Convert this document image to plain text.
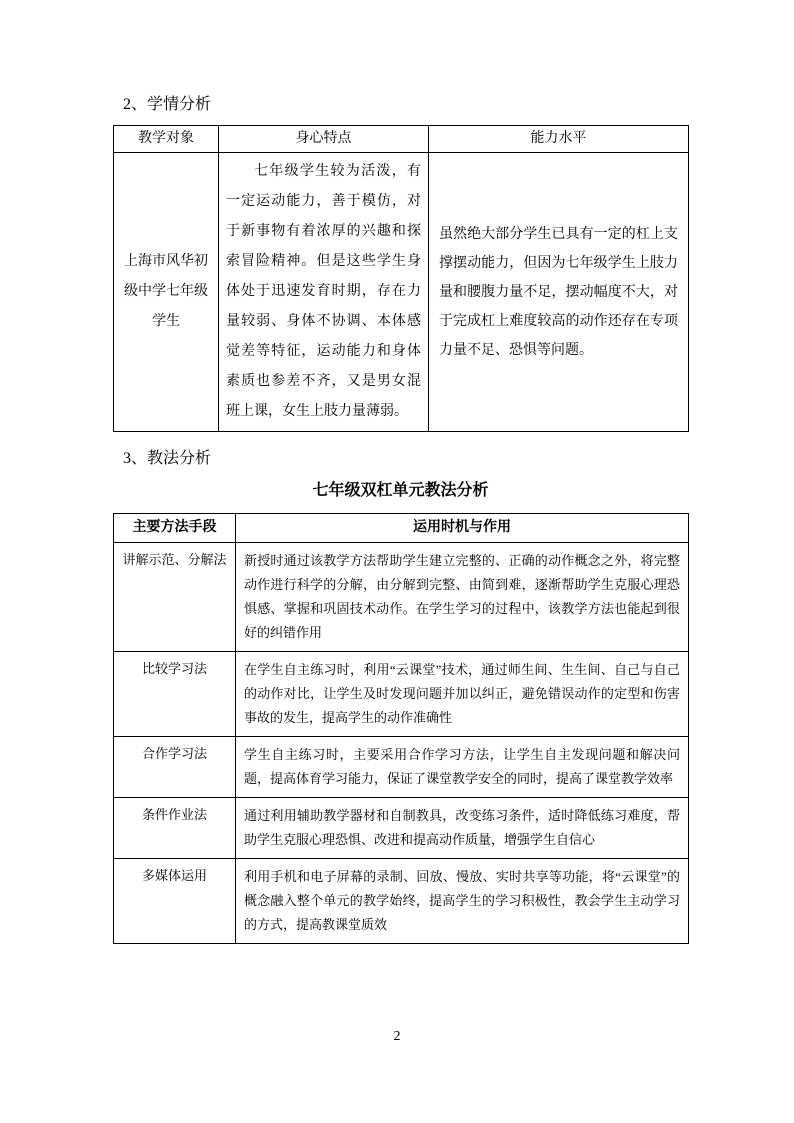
2、学情分析
教学对象	身心特点	能力水平
上海市风华初级中学七年级学生	七年级学生较为活泼，有一定运动能力，善于模仿，对于新事物有着浓厚的兴趣和探索冒险精神。但是这些学生身体处于迅速发育时期，存在力量较弱、身体不协调、本体感觉差等特征，运动能力和身体素质也参差不齐，又是男女混班上课，女生上肢力量薄弱。	虽然绝大部分学生已具有一定的杠上支撑摆动能力，但因为七年级学生上肢力量和腰腹力量不足，摆动幅度不大，对于完成杠上难度较高的动作还存在专项力量不足、恐惧等问题。
3、教法分析
七年级双杠单元教法分析
主要方法手段	运用时机与作用
讲解示范、分解法	新授时通过该教学方法帮助学生建立完整的、正确的动作概念之外，将完整动作进行科学的分解，由分解到完整、由简到难，逐渐帮助学生克服心理恐惧感、掌握和巩固技术动作。在学生学习的过程中，该教学方法也能起到很好的纠错作用
比较学习法	在学生自主练习时，利用“云课堂”技术，通过师生间、生生间、自己与自己的动作对比，让学生及时发现问题并加以纠正，避免错误动作的定型和伤害事故的发生，提高学生的动作准确性
合作学习法	学生自主练习时，主要采用合作学习方法，让学生自主发现问题和解决问题，提高体育学习能力，保证了课堂教学安全的同时，提高了课堂教学效率
条件作业法	通过利用辅助教学器材和自制教具，改变练习条件，适时降低练习难度，帮助学生克服心理恐惧、改进和提高动作质量，增强学生自信心
多媒体运用	利用手机和电子屏幕的录制、回放、慢放、实时共享等功能，将“云课堂”的概念融入整个单元的教学始终，提高学生的学习积极性，教会学生主动学习的方式，提高教课堂质效
2
